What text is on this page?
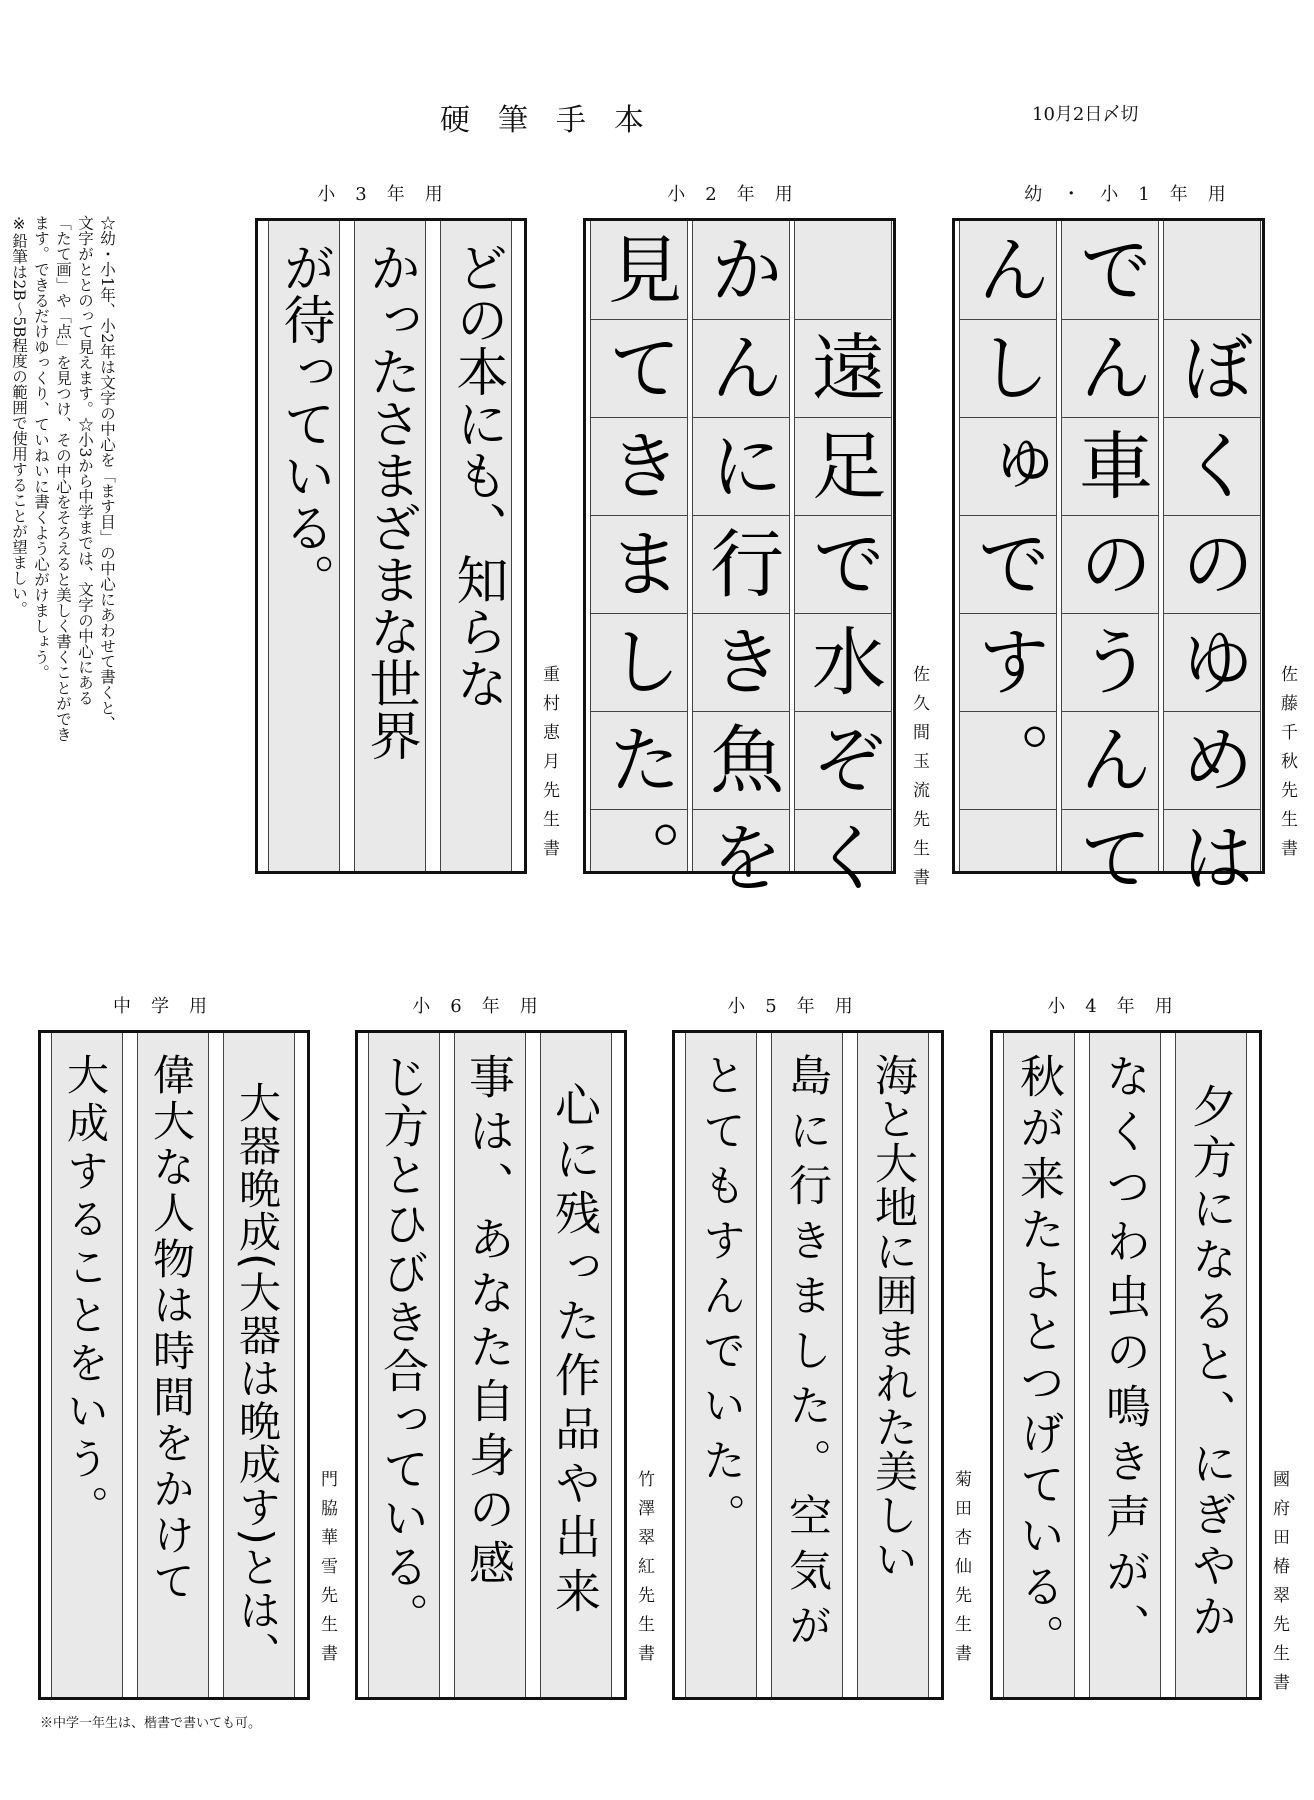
硬筆手本	10月2日〆切
☆幼・小1年、小2年は文字の中心を「ます目」の中心にあわせて書くと、
文字がととのって見えます。☆小3から中学までは、文字の中心にある
「たて画」や「点」を見つけ、その中心をそろえると美しく書くことができ
ます。できるだけゆっくり、ていねいに書くよう心がけましょう。
※鉛筆は2B～5B程度の範囲で使用することが望ましい。
小3年用
どの本にも、知らな
かったさまざまな世界
が待っている。
重村恵月先生書
小2年用
遠足で水ぞく
かんに行き魚を
見てきました。	佐久間玉流先生書
幼・小1年用
ぼくのゆめは
でん車のうんて
んしゅです。	佐藤千秋先生書
中学用
大器晩成(大器は晩成す)とは、
偉大な人物は時間をかけて
大成することをいう。
門脇華雪先生書
小6年用
心に残った作品や出来
事は、あなた自身の感
じ方とひびき合っている。	竹澤翠紅先生書
小5年用
海と大地に囲まれた美しい
島に行きました。空気が
とてもすんでいた。
菊田杏仙先生書
小4年用
夕方になると、にぎやか
なくつわ虫の鳴き声が、
秋が来たよとつげている。	國府田椿翠先生書
※中学一年生は、楷書で書いても可。
